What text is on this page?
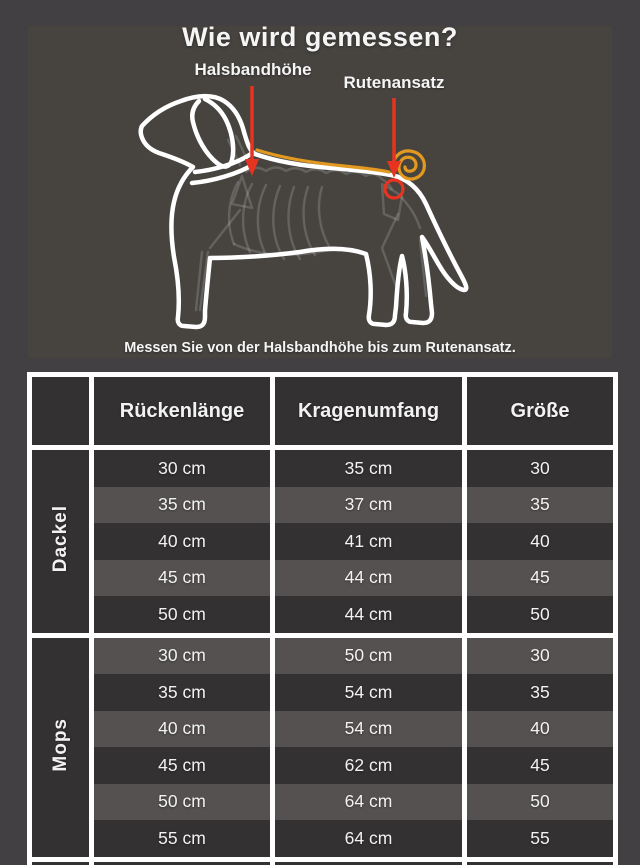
Wie wird gemessen?
Halsbandhöhe
Rutenansatz
Messen Sie von der Halsbandhöhe bis zum Rutenansatz.
	Rückenlänge	Kragenumfang	Größe
Dackel	30 cm	35 cm	30
	35 cm	37 cm	35
	40 cm	41 cm	40
	45 cm	44 cm	45
	50 cm	44 cm	50
Mops	30 cm	50 cm	30
	35 cm	54 cm	35
	40 cm	54 cm	40
	45 cm	62 cm	45
	50 cm	64 cm	50
	55 cm	64 cm	55
